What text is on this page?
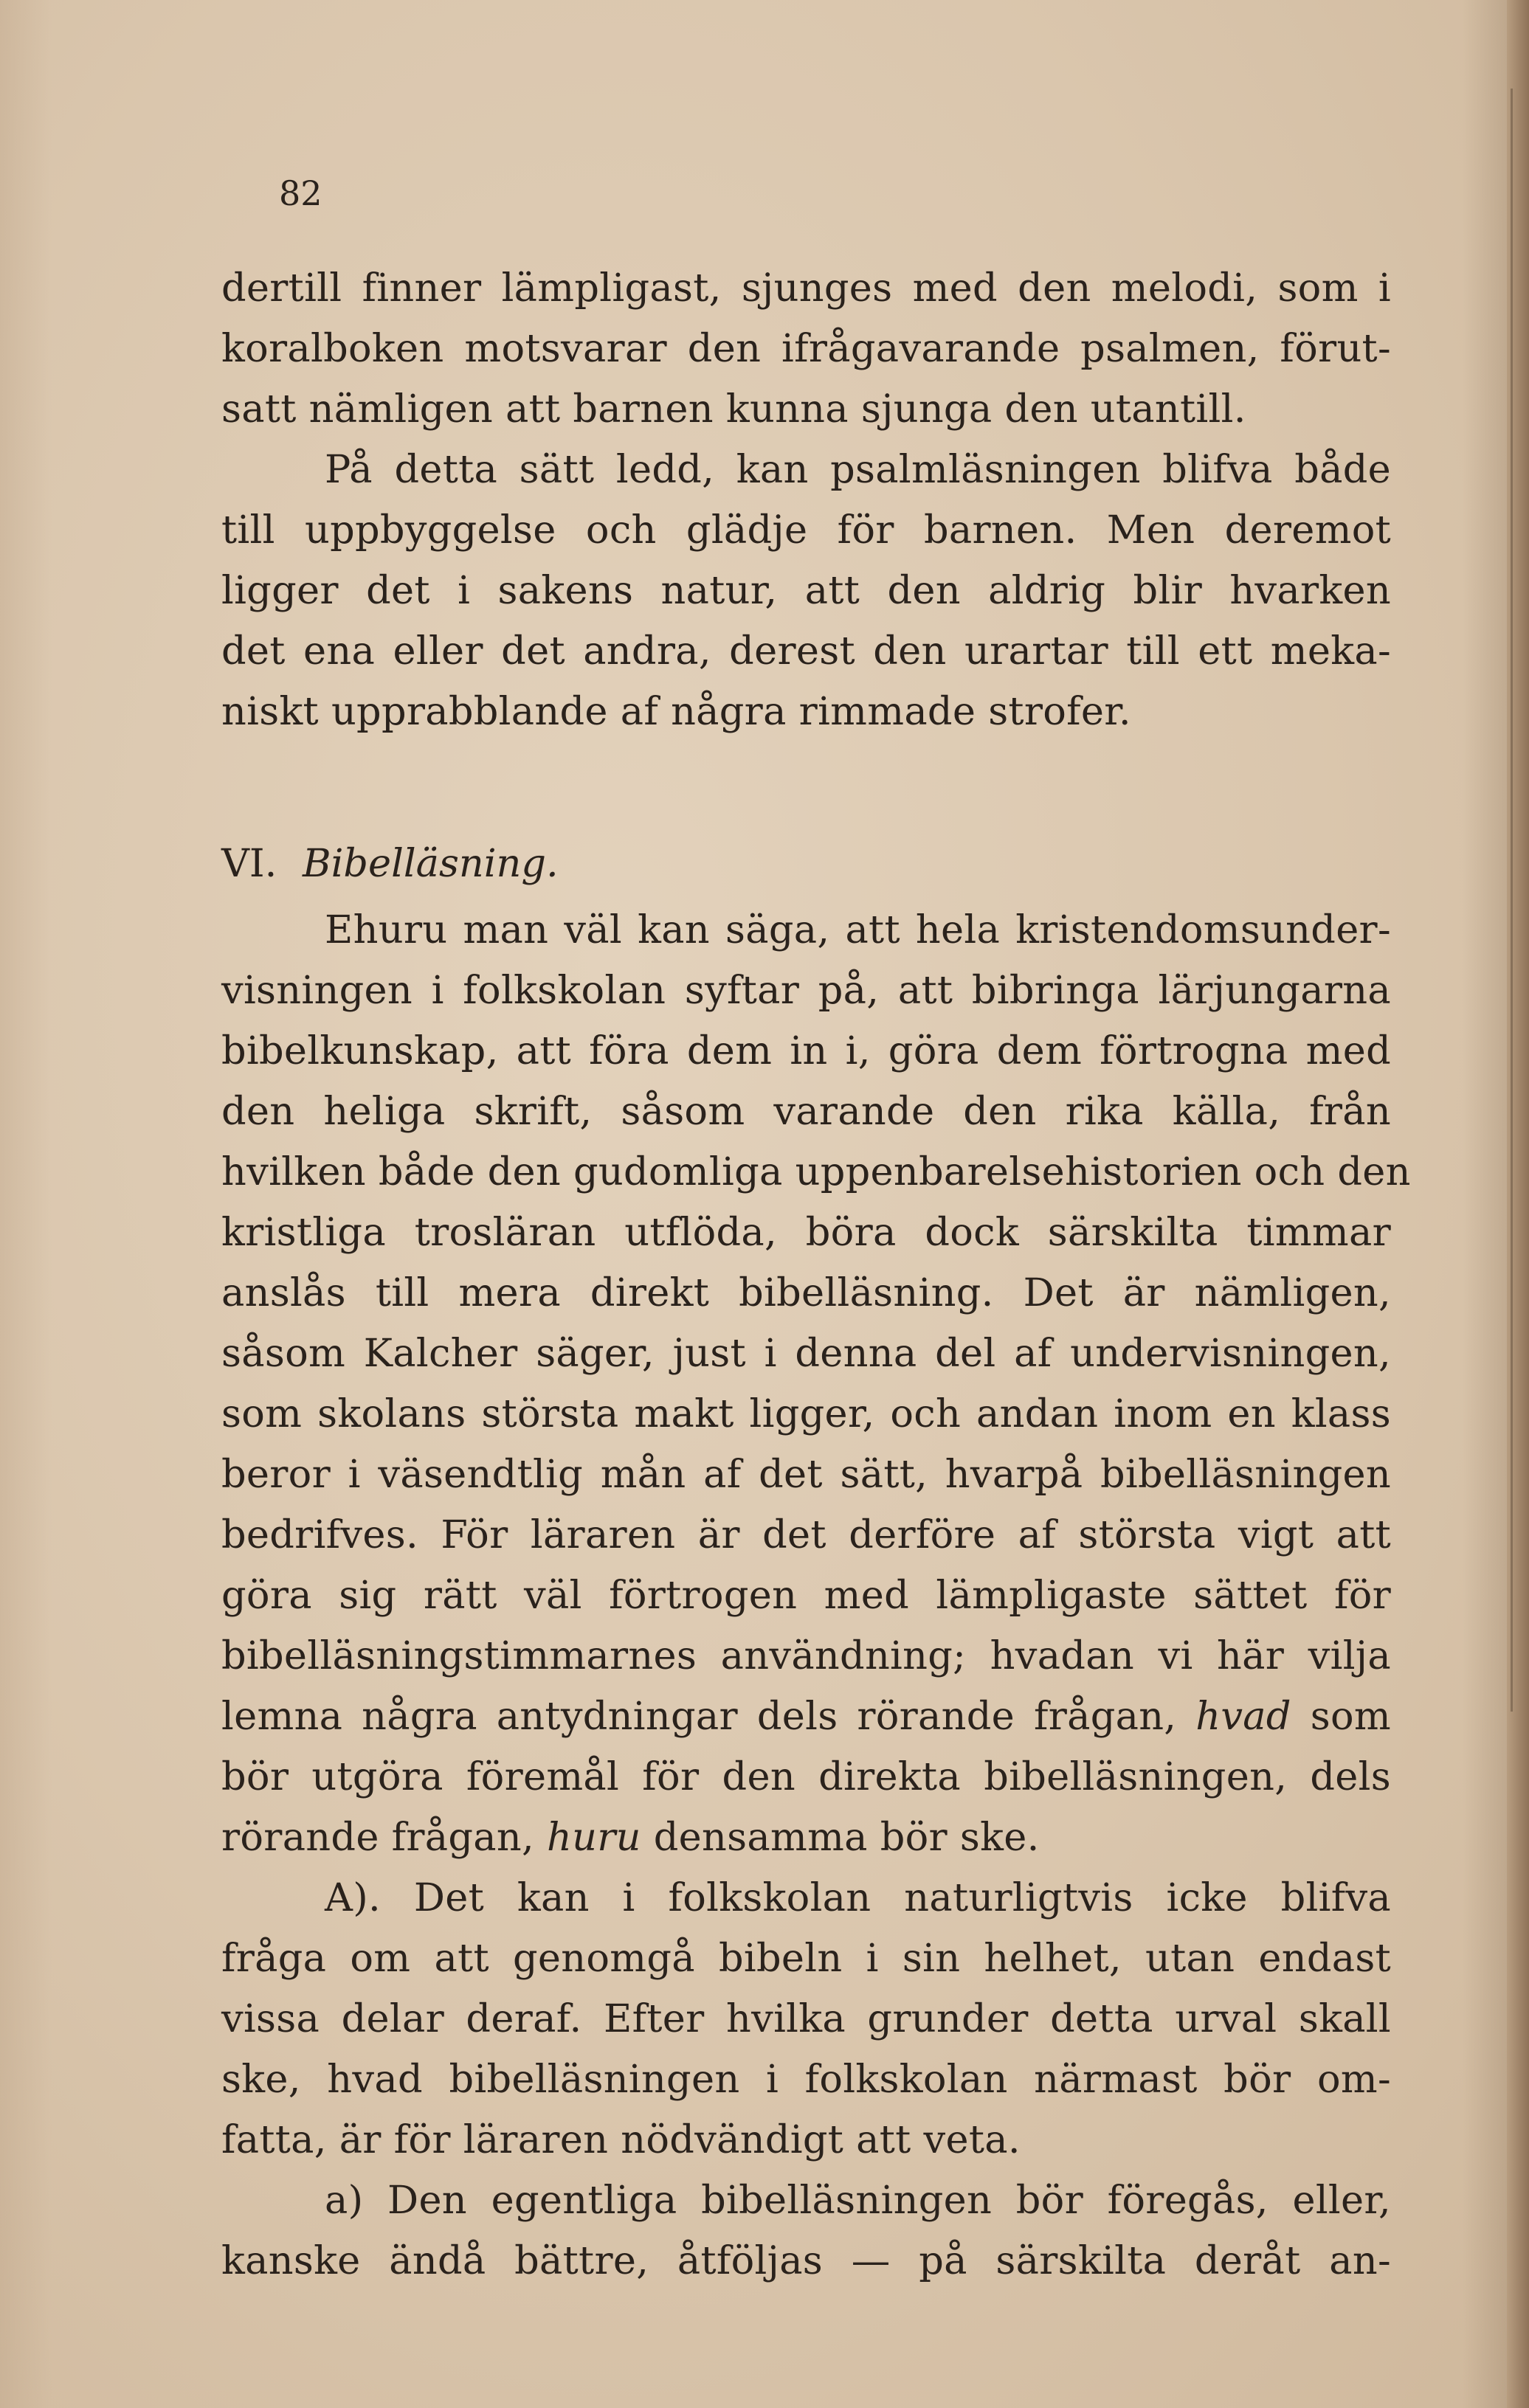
82

dertill finner lämpligast, sjunges med den melodi, som i
koralboken motsvarar den ifrågavarande psalmen, förut-
satt nämligen att barnen kunna sjunga den utantill.
På detta sätt ledd, kan psalmläsningen blifva både
till uppbyggelse och glädje för barnen. Men deremot
ligger det i sakens natur, att den aldrig blir hvarken
det ena eller det andra, derest den urartar till ett meka-
niskt upprabblande af några rimmade strofer.
VI. Bibelläsning.
Ehuru man väl kan säga, att hela kristendomsunder-
visningen i folkskolan syftar på, att bibringa lärjungarna
bibelkunskap, att föra dem in i, göra dem förtrogna med
den heliga skrift, såsom varande den rika källa, från
hvilken både den gudomliga uppenbarelsehistorien och den
kristliga trosläran utflöda, böra dock särskilta timmar
anslås till mera direkt bibelläsning. Det är nämligen,
såsom Kalcher säger, just i denna del af undervisningen,
som skolans största makt ligger, och andan inom en klass
beror i väsendtlig mån af det sätt, hvarpå bibelläsningen
bedrifves. För läraren är det derföre af största vigt att
göra sig rätt väl förtrogen med lämpligaste sättet för
bibelläsningstimmarnes användning; hvadan vi här vilja
lemna några antydningar dels rörande frågan, hvad som
bör utgöra föremål för den direkta bibelläsningen, dels
rörande frågan, huru densamma bör ske.
A). Det kan i folkskolan naturligtvis icke blifva
fråga om att genomgå bibeln i sin helhet, utan endast
vissa delar deraf. Efter hvilka grunder detta urval skall
ske, hvad bibelläsningen i folkskolan närmast bör om-
fatta, är för läraren nödvändigt att veta.
a) Den egentliga bibelläsningen bör föregås, eller,
kanske ändå bättre, åtföljas — på särskilta deråt an-
